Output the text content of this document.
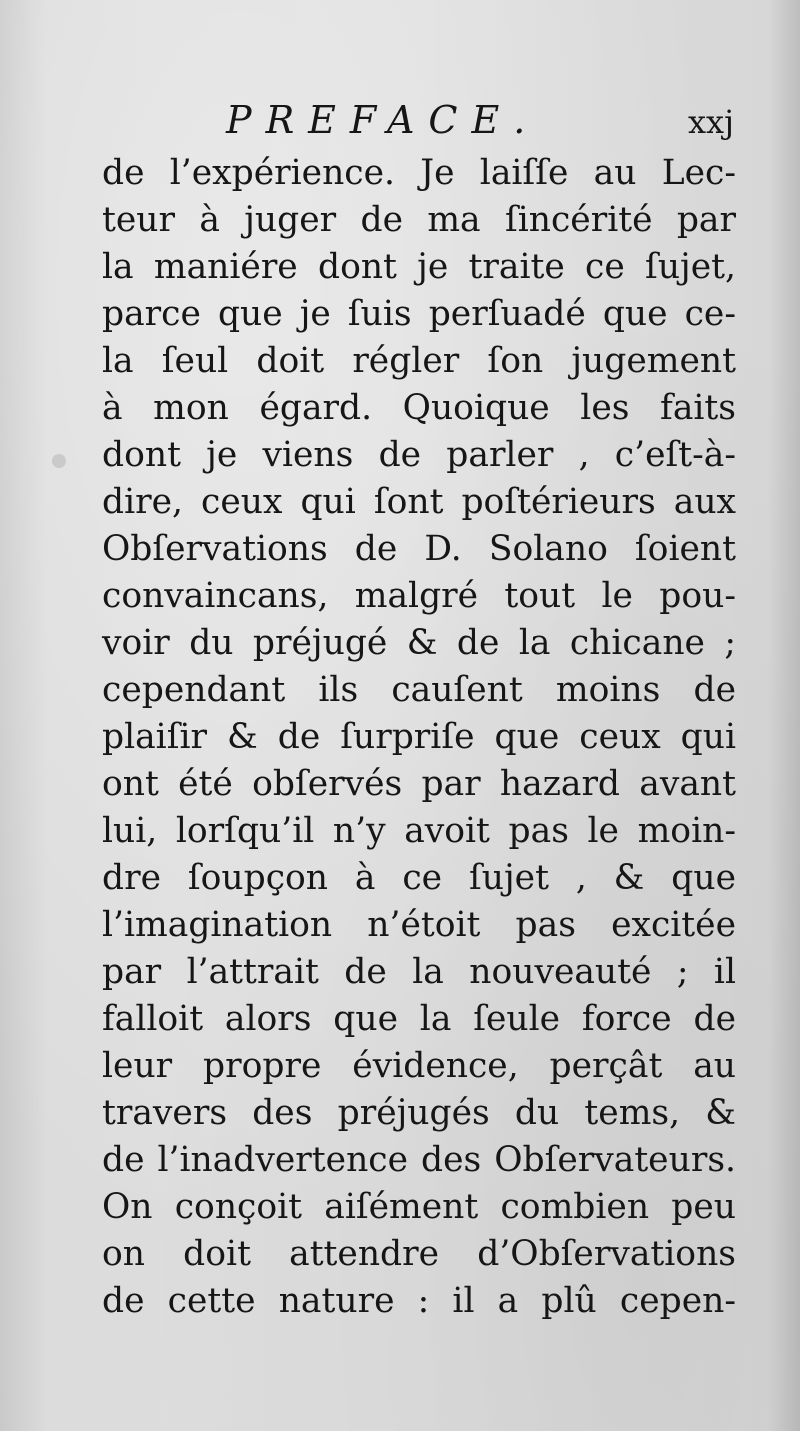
PREFACE.	xxj
de l’expérience. Je laiſſe au Lec-
teur à juger de ma ſincérité par
la maniére dont je traite ce ſujet,
parce que je ſuis perſuadé que ce-
la ſeul doit régler ſon jugement
à mon égard. Quoique les faits
dont je viens de parler , c’eſt-à-
dire, ceux qui ſont poſtérieurs aux
Obſervations de D. Solano ſoient
convaincans, malgré tout le pou-
voir du préjugé & de la chicane ;
cependant ils cauſent moins de
plaiſir & de ſurpriſe que ceux qui
ont été obſervés par hazard avant
lui, lorſqu’il n’y avoit pas le moin-
dre ſoupçon à ce ſujet , & que
l’imagination n’étoit pas excitée
par l’attrait de la nouveauté ; il
falloit alors que la ſeule force de
leur propre évidence, perçât au
travers des préjugés du tems, &
de l’inadvertence des Obſervateurs.
On conçoit aiſément combien peu
on doit attendre d’Obſervations
de cette nature : il a plû cepen-
